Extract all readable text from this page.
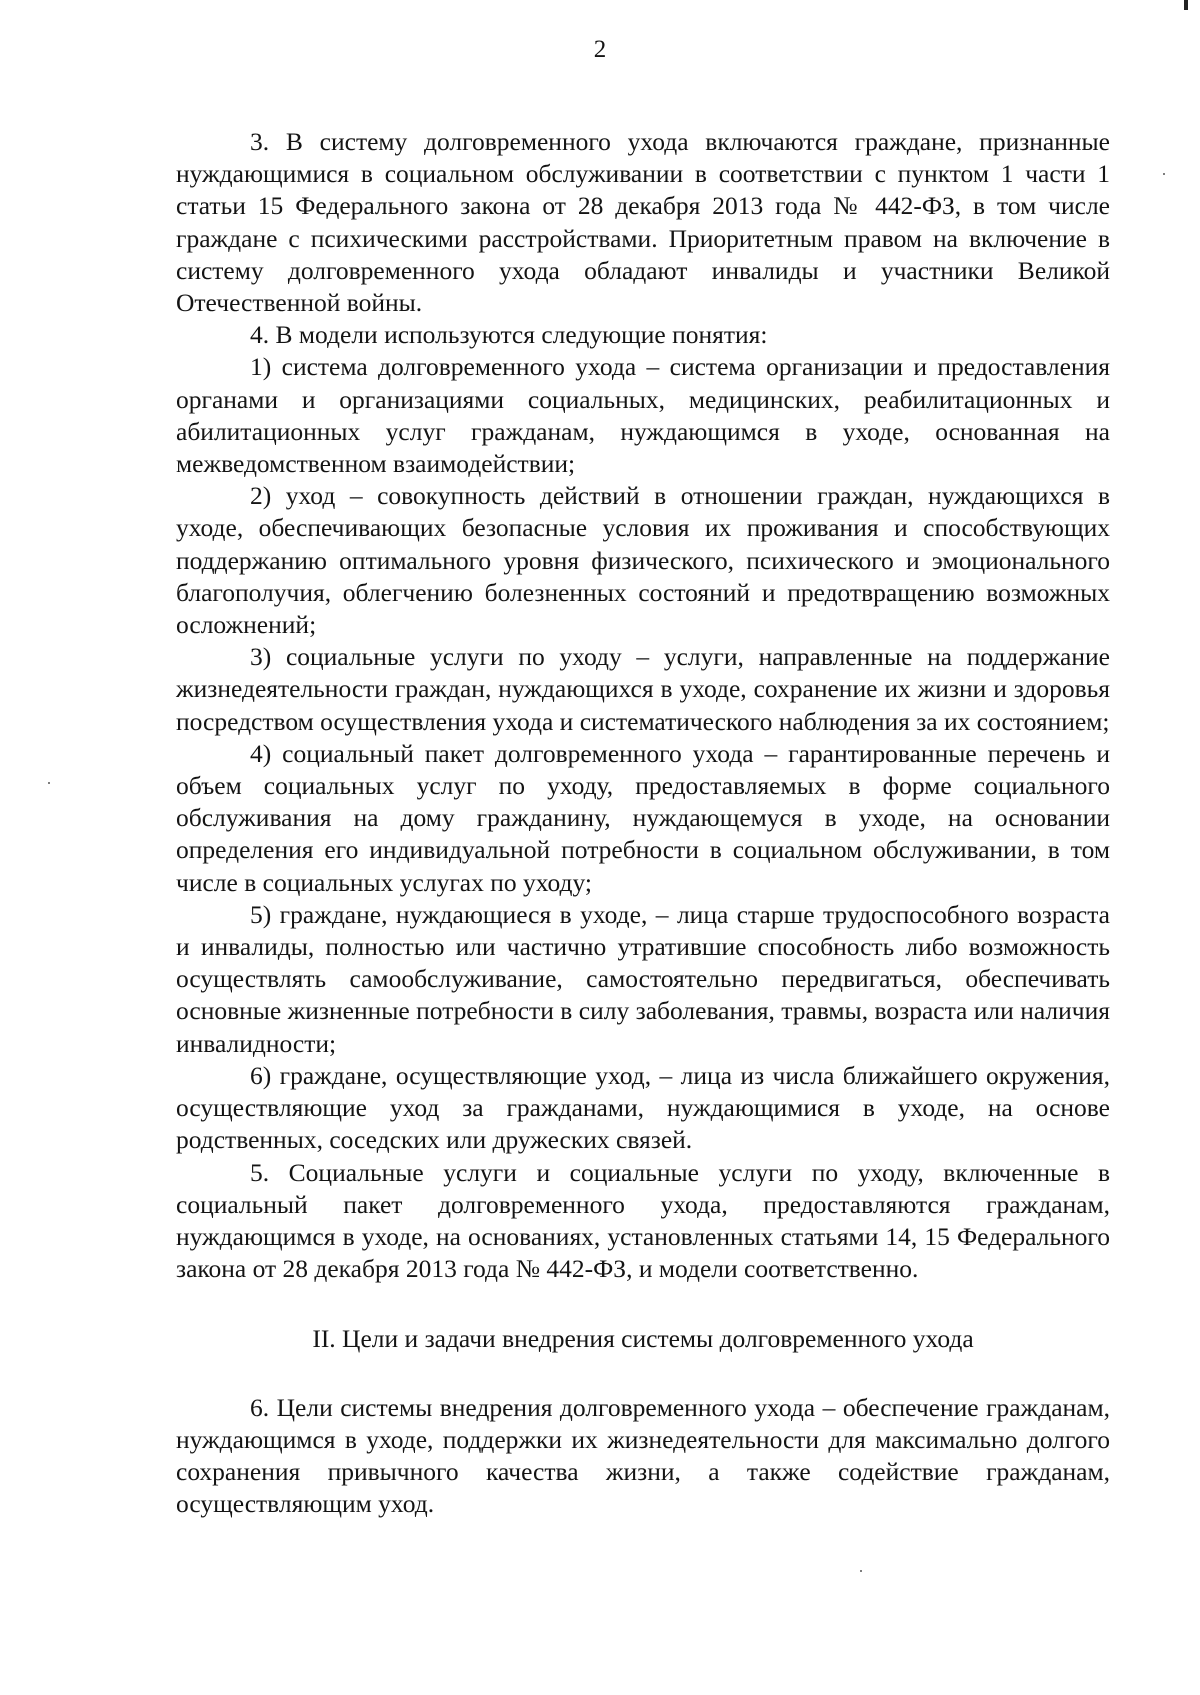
2

3. В систему долговременного ухода включаются граждане, признанные нуждающимися в социальном обслуживании в соответствии с пунктом 1 части 1 статьи 15 Федерального закона от 28 декабря 2013 года № 442-ФЗ, в том числе граждане с психическими расстройствами. Приоритетным правом на включение в систему долговременного ухода обладают инвалиды и участники Великой Отечественной войны.

4. В модели используются следующие понятия:

1) система долговременного ухода – система организации и предоставления органами и организациями социальных, медицинских, реабилитационных и абилитационных услуг гражданам, нуждающимся в уходе, основанная на межведомственном взаимодействии;

2) уход – совокупность действий в отношении граждан, нуждающихся в уходе, обеспечивающих безопасные условия их проживания и способствующих поддержанию оптимального уровня физического, психического и эмоционального благополучия, облегчению болезненных состояний и предотвращению возможных осложнений;

3) социальные услуги по уходу – услуги, направленные на поддержание жизнедеятельности граждан, нуждающихся в уходе, сохранение их жизни и здоровья посредством осуществления ухода и систематического наблюдения за их состоянием;

4) социальный пакет долговременного ухода – гарантированные перечень и объем социальных услуг по уходу, предоставляемых в форме социального обслуживания на дому гражданину, нуждающемуся в уходе, на основании определения его индивидуальной потребности в социальном обслуживании, в том числе в социальных услугах по уходу;

5) граждане, нуждающиеся в уходе, – лица старше трудоспособного возраста и инвалиды, полностью или частично утратившие способность либо возможность осуществлять самообслуживание, самостоятельно передвигаться, обеспечивать основные жизненные потребности в силу заболевания, травмы, возраста или наличия инвалидности;

6) граждане, осуществляющие уход, – лица из числа ближайшего окружения, осуществляющие уход за гражданами, нуждающимися в уходе, на основе родственных, соседских или дружеских связей.

5. Социальные услуги и социальные услуги по уходу, включенные в социальный пакет долговременного ухода, предоставляются гражданам, нуждающимся в уходе, на основаниях, установленных статьями 14, 15 Федерального закона от 28 декабря 2013 года № 442-ФЗ, и модели соответственно.

II. Цели и задачи внедрения системы долговременного ухода

6. Цели системы внедрения долговременного ухода – обеспечение гражданам, нуждающимся в уходе, поддержки их жизнедеятельности для максимально долгого сохранения привычного качества жизни, а также содействие гражданам, осуществляющим уход.
